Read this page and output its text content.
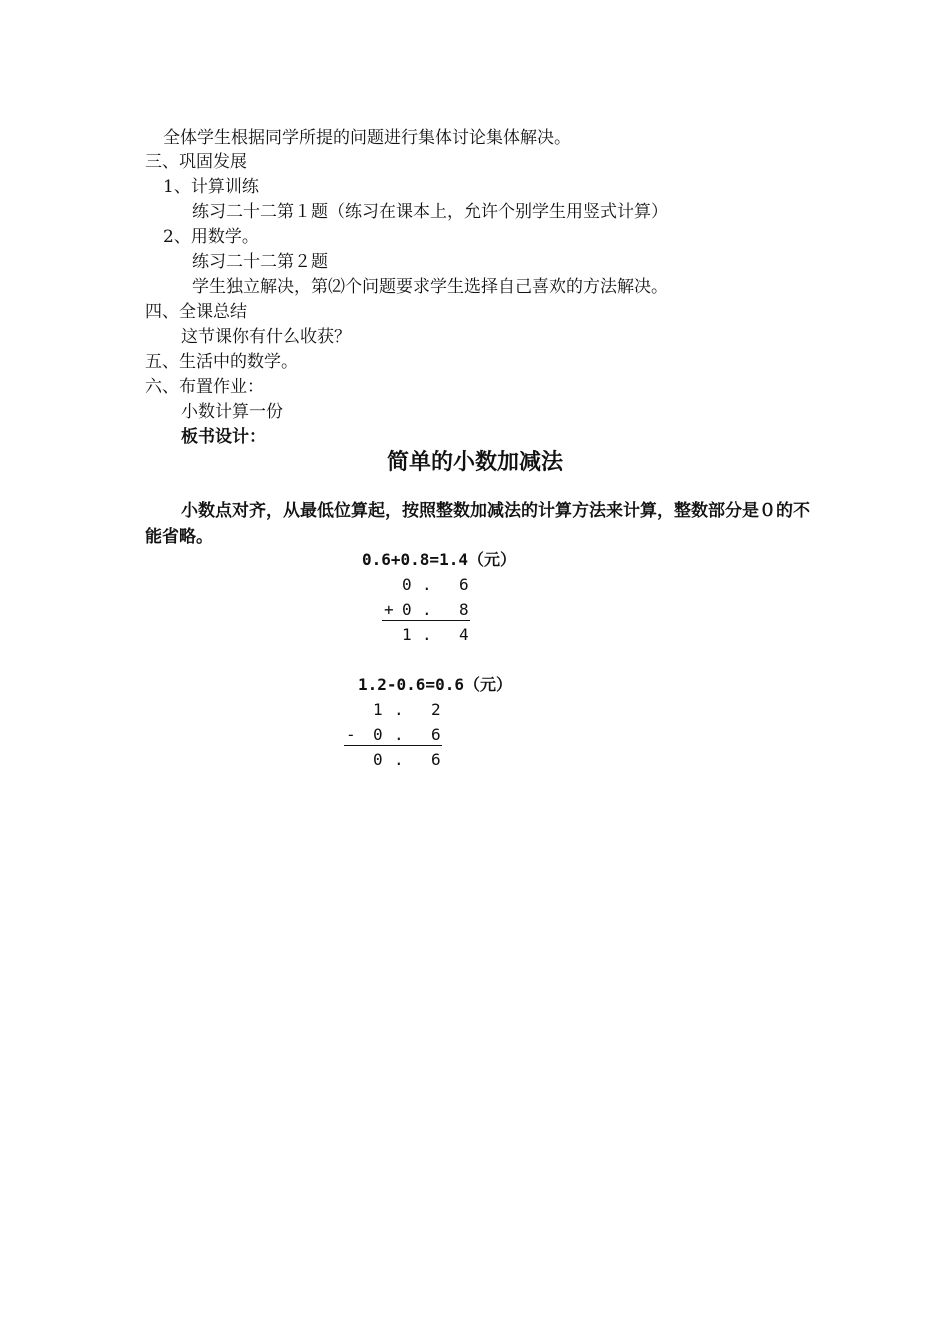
全体学生根据同学所提的问题进行集体讨论集体解决。
三、巩固发展
1、计算训练
练习二十二第１题（练习在课本上，允许个别学生用竖式计算）
2、用数学。
练习二十二第２题
学生独立解决，第⑵个问题要求学生选择自己喜欢的方法解决。
四、全课总结
这节课你有什么收获？
五、生活中的数学。
六、布置作业：
小数计算一份
板书设计：
简单的小数加减法
小数点对齐，从最低位算起，按照整数加减法的计算方法来计算，整数部分是０的不能省略。
0.6+0.8=1.4（元）
0 . 6
+ 0 . 8
1 . 4
1.2-0.6=0.6（元）
1 . 2
- 0 . 6
0 . 6
